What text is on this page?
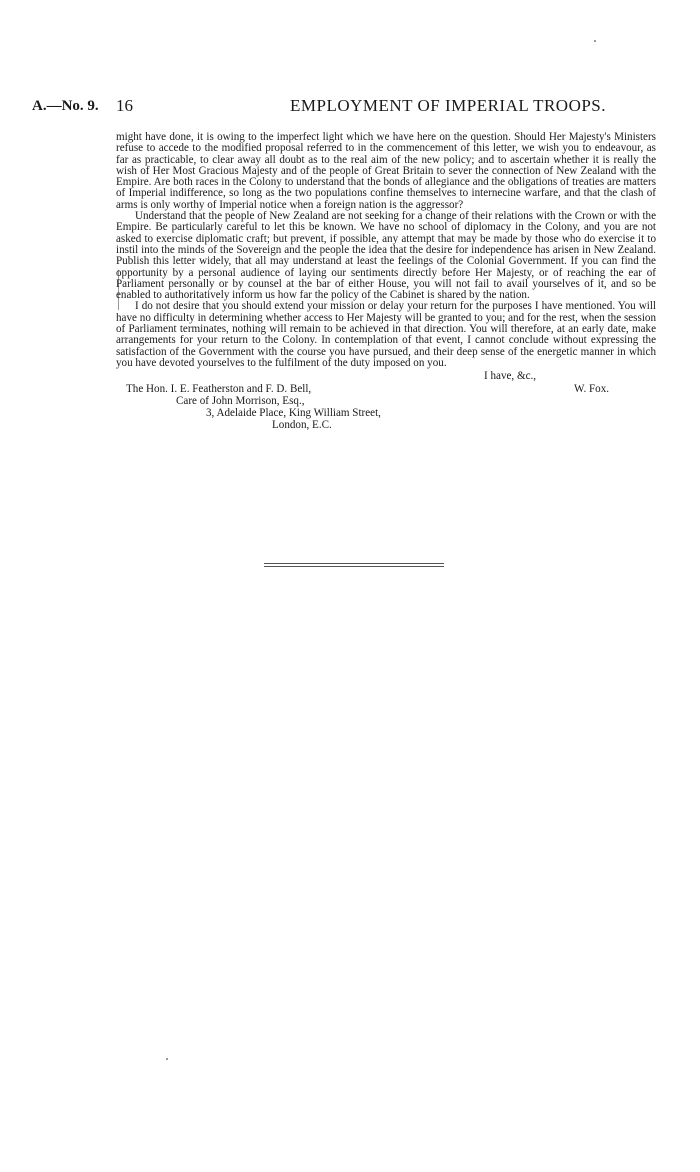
A.—No. 9. 16	EMPLOYMENT OF IMPERIAL TROOPS.

might have done, it is owing to the imperfect light which we have here on the question. Should Her Majesty's Ministers refuse to accede to the modified proposal referred to in the commencement of this letter, we wish you to endeavour, as far as practicable, to clear away all doubt as to the real aim of the new policy; and to ascertain whether it is really the wish of Her Most Gracious Majesty and of the people of Great Britain to sever the connection of New Zealand with the Empire. Are both races in the Colony to understand that the bonds of allegiance and the obligations of treaties are matters of Imperial indifference, so long as the two populations confine themselves to internecine warfare, and that the clash of arms is only worthy of Imperial notice when a foreign nation is the aggressor?

Understand that the people of New Zealand are not seeking for a change of their relations with the Crown or with the Empire. Be particularly careful to let this be known. We have no school of diplomacy in the Colony, and you are not asked to exercise diplomatic craft; but prevent, if possible, any attempt that may be made by those who do exercise it to instil into the minds of the Sovereign and the people the idea that the desire for independence has arisen in New Zealand. Publish this letter widely, that all may understand at least the feelings of the Colonial Government. If you can find the opportunity by a personal audience of laying our sentiments directly before Her Majesty, or of reaching the ear of Parliament personally or by counsel at the bar of either House, you will not fail to avail yourselves of it, and so be enabled to authoritatively inform us how far the policy of the Cabinet is shared by the nation.

I do not desire that you should extend your mission or delay your return for the purposes I have mentioned. You will have no difficulty in determining whether access to Her Majesty will be granted to you; and for the rest, when the session of Parliament terminates, nothing will remain to be achieved in that direction. You will therefore, at an early date, make arrangements for your return to the Colony. In contemplation of that event, I cannot conclude without expressing the satisfaction of the Government with the course you have pursued, and their deep sense of the energetic manner in which you have devoted yourselves to the fulfilment of the duty imposed on you.

I have, &c.,
W. Fox.
The Hon. I. E. Featherston and F. D. Bell,
Care of John Morrison, Esq.,
3, Adelaide Place, King William Street,
London, E.C.
